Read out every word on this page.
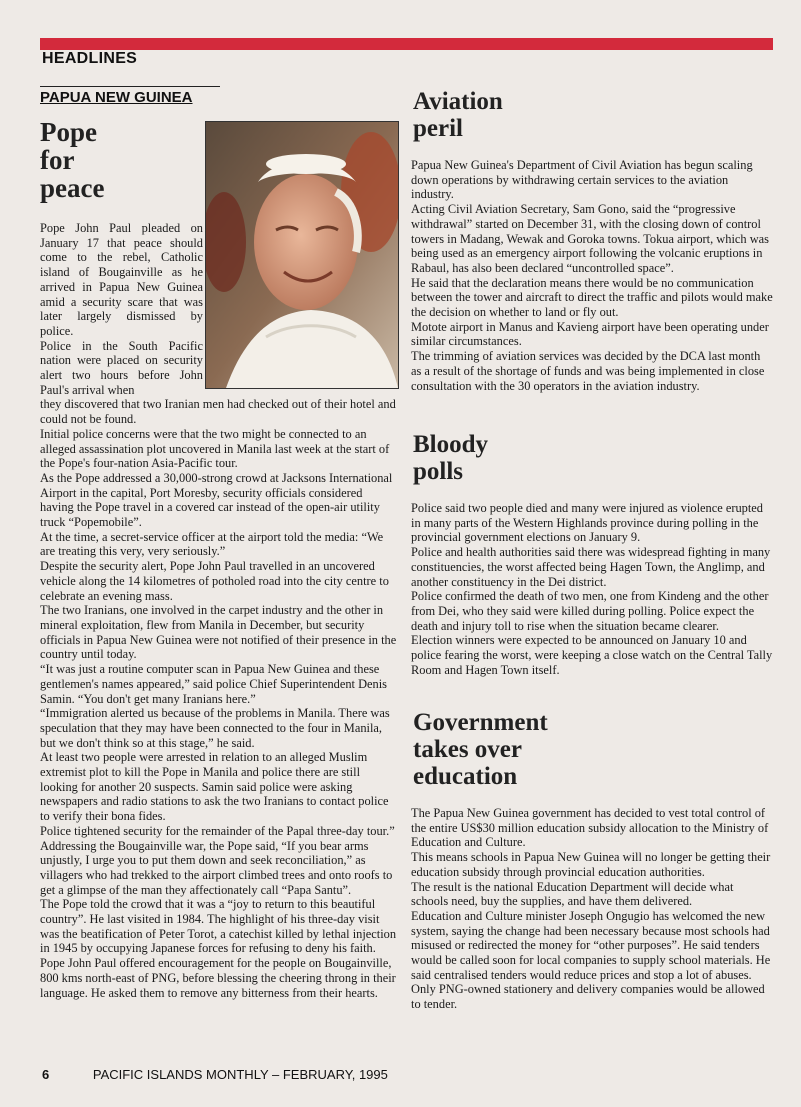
HEADLINES
PAPUA NEW GUINEA
Pope for peace

Pope John Paul pleaded on January 17 that peace should come to the rebel, Catholic island of Bougainville as he arrived in Papua New Guinea amid a security scare that was later largely dismissed by police.

Police in the South Pacific nation were placed on security alert two hours before John Paul's arrival when

they discovered that two Iranian men had checked out of their hotel and could not be found.

Initial police concerns were that the two might be connected to an alleged assassination plot uncovered in Manila last week at the start of the Pope's four-nation Asia-Pacific tour.

As the Pope addressed a 30,000-strong crowd at Jacksons International Airport in the capital, Port Moresby, security officials considered having the Pope travel in a covered car instead of the open-air utility truck “Popemobile”.

At the time, a secret-service officer at the airport told the media: “We are treating this very, very seriously.”

Despite the security alert, Pope John Paul travelled in an uncovered vehicle along the 14 kilometres of potholed road into the city centre to celebrate an evening mass.

The two Iranians, one involved in the carpet industry and the other in mineral exploitation, flew from Manila in December, but security officials in Papua New Guinea were not notified of their presence in the country until today.

“It was just a routine computer scan in Papua New Guinea and these gentlemen's names appeared,” said police Chief Superintendent Denis Samin. “You don't get many Iranians here.”

“Immigration alerted us because of the problems in Manila. There was speculation that they may have been connected to the four in Manila, but we don't think so at this stage,” he said.

At least two people were arrested in relation to an alleged Muslim extremist plot to kill the Pope in Manila and police there are still looking for another 20 suspects. Samin said police were asking newspapers and radio stations to ask the two Iranians to contact police to verify their bona fides.

Police tightened security for the remainder of the Papal three-day tour.”

Addressing the Bougainville war, the Pope said, “If you bear arms unjustly, I urge you to put them down and seek reconciliation,” as villagers who had trekked to the airport climbed trees and onto roofs to get a glimpse of the man they affectionately call “Papa Santu”.

The Pope told the crowd that it was a “joy to return to this beautiful country”. He last visited in 1984. The highlight of his three-day visit was the beatification of Peter Torot, a catechist killed by lethal injection in 1945 by occupying Japanese forces for refusing to deny his faith.

Pope John Paul offered encouragement for the people on Bougainville, 800 kms north-east of PNG, before blessing the cheering throng in their language. He asked them to remove any bitterness from their hearts.

Aviation peril

Papua New Guinea's Department of Civil Aviation has begun scaling down operations by withdrawing certain services to the aviation industry.

Acting Civil Aviation Secretary, Sam Gono, said the “progressive withdrawal” started on December 31, with the closing down of control towers in Madang, Wewak and Goroka towns. Tokua airport, which was being used as an emergency airport following the volcanic eruptions in Rabaul, has also been declared “uncontrolled space”.

He said that the declaration means there would be no communication between the tower and aircraft to direct the traffic and pilots would make the decision on whether to land or fly out.

Mototе airport in Manus and Kavieng airport have been operating under similar circumstances.

The trimming of aviation services was decided by the DCA last month as a result of the shortage of funds and was being implemented in close consultation with the 30 operators in the aviation industry.

Bloody polls

Police said two people died and many were injured as violence erupted in many parts of the Western Highlands province during polling in the provincial government elections on January 9.

Police and health authorities said there was widespread fighting in many constituencies, the worst affected being Hagen Town, the Anglimp, and another constituency in the Dei district.

Police confirmed the death of two men, one from Kindeng and the other from Dei, who they said were killed during polling. Police expect the death and injury toll to rise when the situation became clearer.

Election winners were expected to be announced on January 10 and police fearing the worst, were keeping a close watch on the Central Tally Room and Hagen Town itself.

Government takes over education

The Papua New Guinea government has decided to vest total control of the entire US$30 million education subsidy allocation to the Ministry of Education and Culture.

This means schools in Papua New Guinea will no longer be getting their education subsidy through provincial education authorities.

The result is the national Education Department will decide what schools need, buy the supplies, and have them delivered.

Education and Culture minister Joseph Ongugio has welcomed the new system, saying the change had been necessary because most schools had misused or redirected the money for “other purposes”. He said tenders would be called soon for local companies to supply school materials. He said centralised tenders would reduce prices and stop a lot of abuses. Only PNG-owned stationery and delivery companies would be allowed to tender.

6	PACIFIC ISLANDS MONTHLY – FEBRUARY, 1995
